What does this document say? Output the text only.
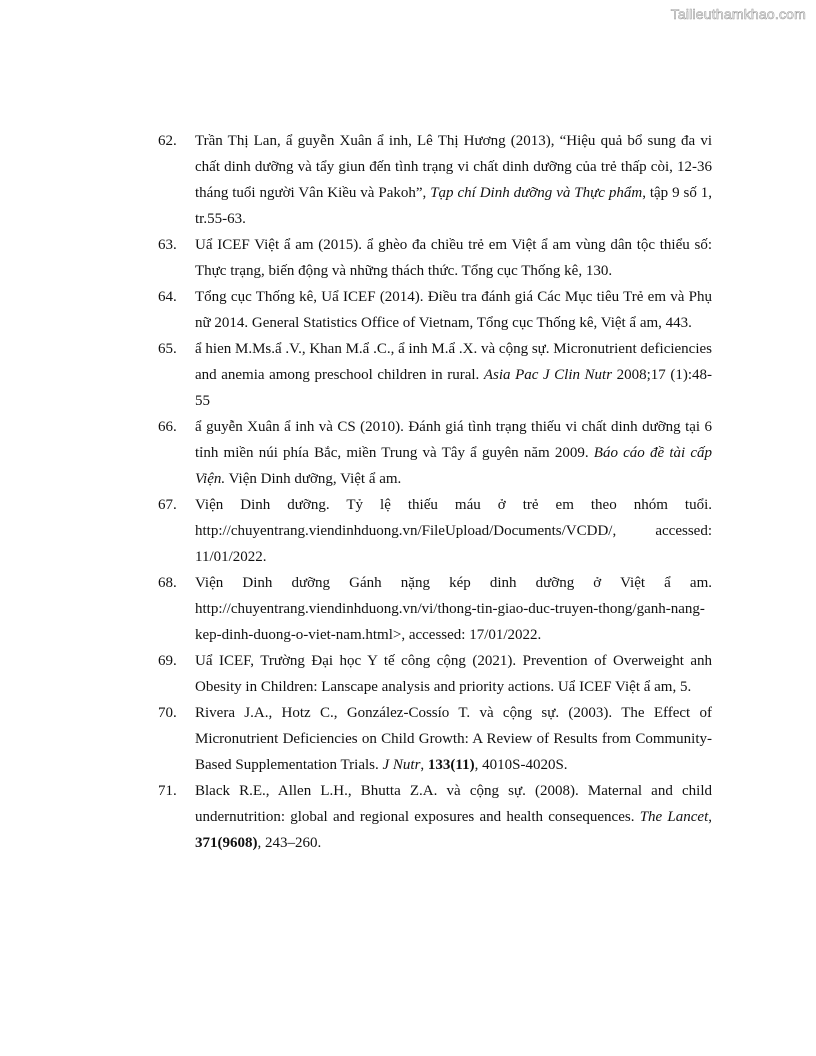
Tailieuthamkhao.com
62. Trần Thị Lan, ẩ guyễn Xuân ẩ inh, Lê Thị Hương (2013), “Hiệu quả bổ sung đa vi chất dinh dưỡng và tẩy giun đến tình trạng vi chất dinh dưỡng của trẻ thấp còi, 12-36 tháng tuổi người Vân Kiều và Pakoh”, Tạp chí Dinh dưỡng và Thực phẩm, tập 9 số 1, tr.55-63.
63. Uẩ ICEF Việt ẩ am (2015). ẩ ghèo đa chiều trẻ em Việt ẩ am vùng dân tộc thiểu số: Thực trạng, biến động và những thách thức. Tổng cục Thống kê, 130.
64. Tổng cục Thống kê, Uẩ ICEF (2014). Điều tra đánh giá Các Mục tiêu Trẻ em và Phụ nữ 2014. General Statistics Office of Vietnam, Tổng cục Thống kê, Việt ẩ am, 443.
65. ẩ hien M.Ms.ẩ .V., Khan M.ẩ .C., ẩ inh M.ẩ .X. và cộng sự. Micronutrient deficiencies and anemia among preschool children in rural. Asia Pac J Clin Nutr 2008;17 (1):48-55
66. ẩ guyễn Xuân ẩ inh và CS (2010). Đánh giá tình trạng thiếu vi chất dinh dưỡng tại 6 tỉnh miền núi phía Bắc, miền Trung và Tây ẩ guyên năm 2009. Báo cáo đề tài cấp Viện. Viện Dinh dưỡng, Việt ẩ am.
67. Viện Dinh dưỡng. Tỷ lệ thiếu máu ở trẻ em theo nhóm tuổi. http://chuyentrang.viendinhduong.vn/FileUpload/Documents/VCDD/, accessed: 11/01/2022.
68. Viện Dinh dưỡng Gánh nặng kép dinh dưỡng ở Việt ẩ am. http://chuyentrang.viendinhduong.vn/vi/thong-tin-giao-duc-truyen-thong/ganh-nang-kep-dinh-duong-o-viet-nam.html>, accessed: 17/01/2022.
69. Uẩ ICEF, Trường Đại học Y tế công cộng (2021). Prevention of Overweight anh Obesity in Children: Lanscape analysis and priority actions. Uẩ ICEF Việt ẩ am, 5.
70. Rivera J.A., Hotz C., González-Cossío T. và cộng sự. (2003). The Effect of Micronutrient Deficiencies on Child Growth: A Review of Results from Community-Based Supplementation Trials. J Nutr, 133(11), 4010S-4020S.
71. Black R.E., Allen L.H., Bhutta Z.A. và cộng sự. (2008). Maternal and child undernutrition: global and regional exposures and health consequences. The Lancet, 371(9608), 243–260.
